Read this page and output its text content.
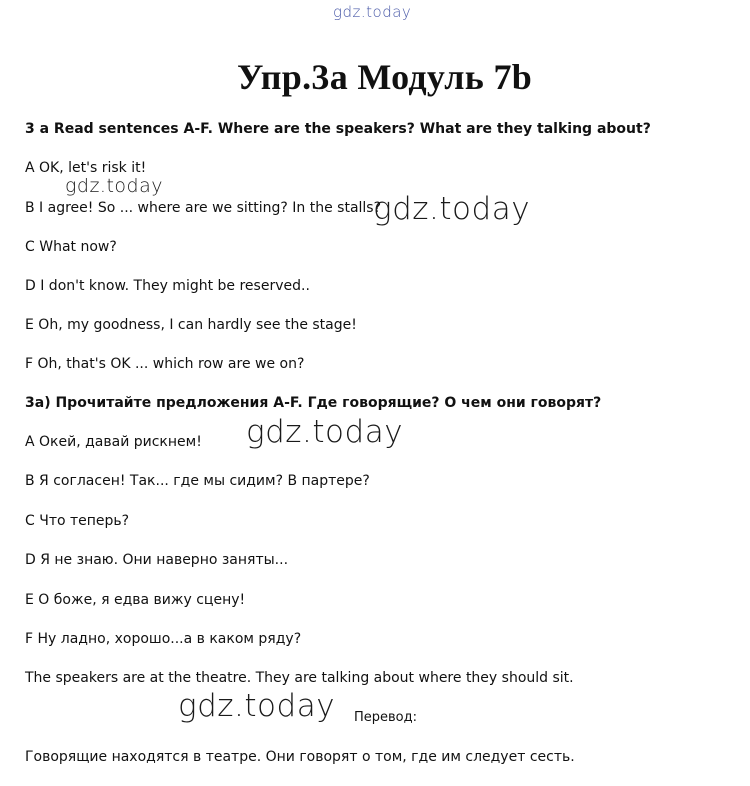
gdz.today
Упр.3а Модуль 7b
3 a Read sentences A-F. Where are the speakers? What are they talking about?
A OK, let's risk it!
gdz.today
B I agree! So ... where are we sitting? In the stalls?
gdz.today
C What now?
D I don't know. They might be reserved..
E Oh, my goodness, I can hardly see the stage!
F Oh, that's OK ... which row are we on?
3а) Прочитайте предложения A-F. Где говорящие? О чем они говорят?
A Окей, давай рискнем! gdz.today
B Я согласен! Так... где мы сидим? В партере?
C Что теперь?
D Я не знаю. Они наверно заняты...
E О боже, я едва вижу сцену!
F Ну ладно, хорошо...а в каком ряду?
The speakers are at the theatre. They are talking about where they should sit.
gdz.today Перевод:
Говорящие находятся в театре. Они говорят о том, где им следует сесть.
